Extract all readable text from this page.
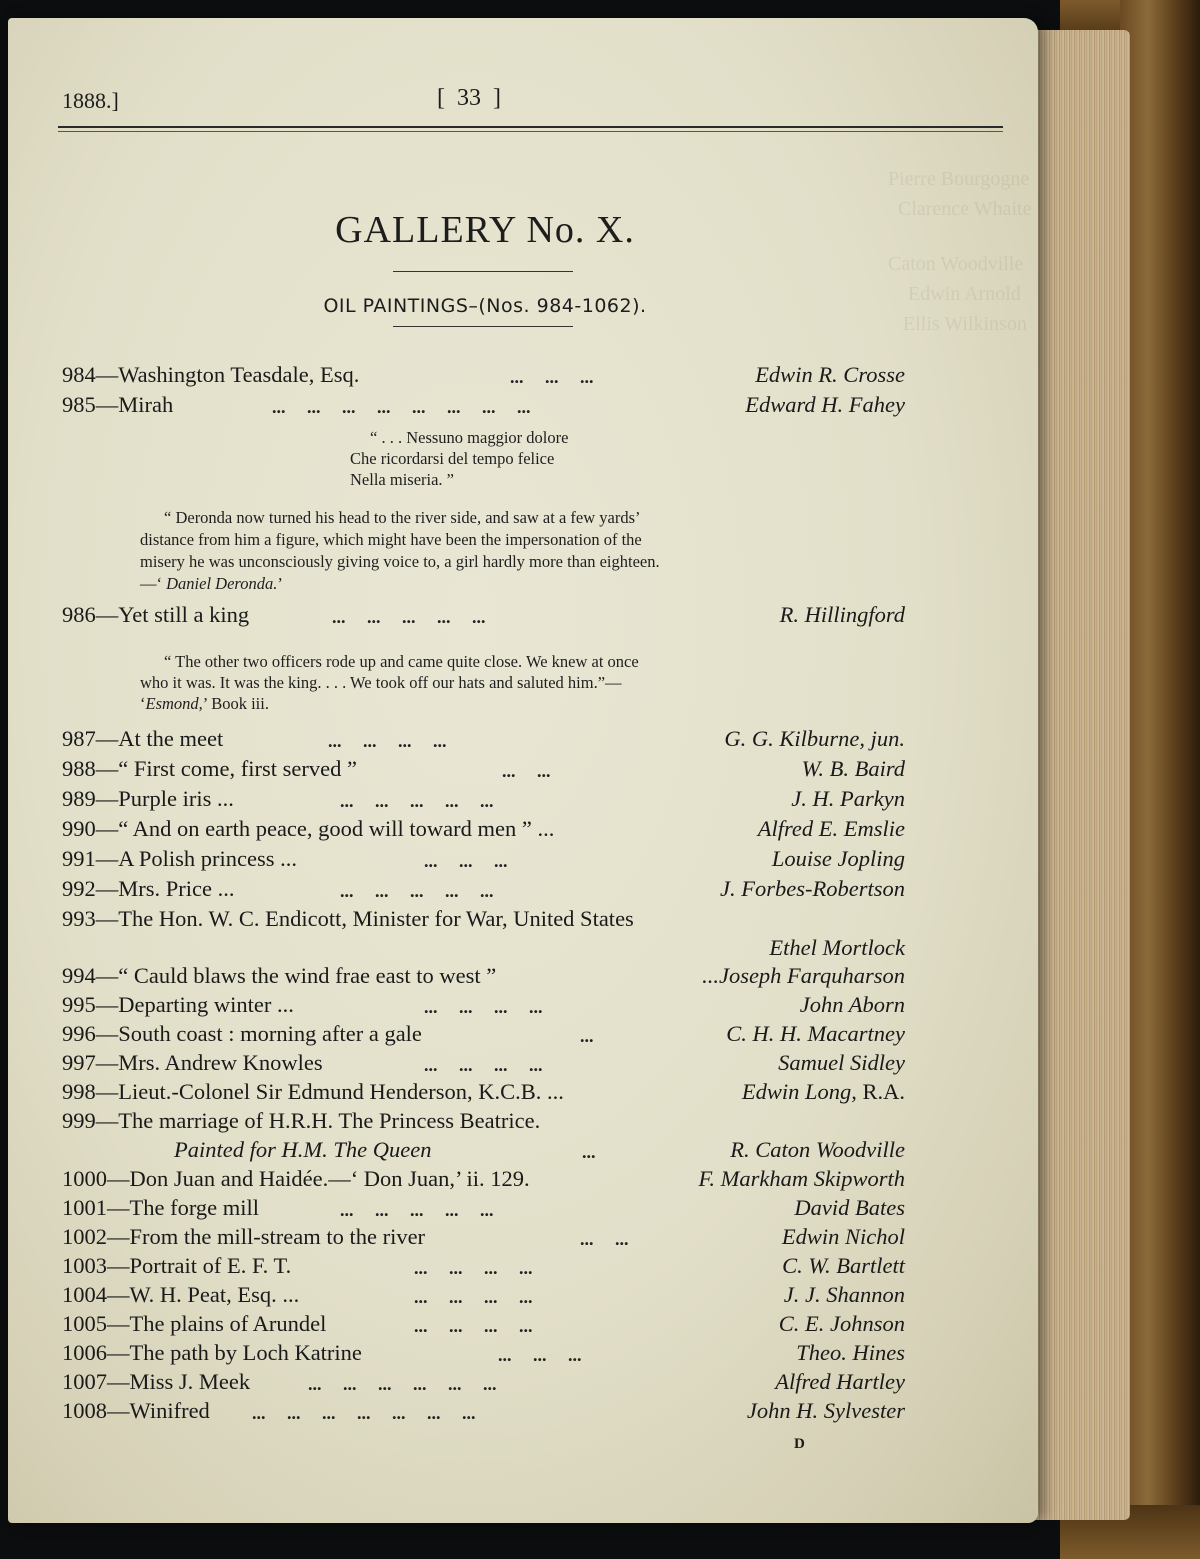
Pierre Bourgogne
Clarence Whaite
Caton Woodville
Edwin Arnold
Ellis Wilkinson
1888.]	[ 33 ]
GALLERY No. X.
OIL PAINTINGS–(Nos. 984-1062).
984—Washington Teasdale, Esq.	... ... ...	Edwin R. Crosse
985—Mirah	... ... ... ... ... ... ... ...	Edward H. Fahey
“ . . . Nessuno maggior dolore
Che ricordarsi del tempo felice
Nella miseria. ”
“ Deronda now turned his head to the river side, and saw at a few yards’
distance from him a figure, which might have been the impersonation of the
misery he was unconsciously giving voice to, a girl hardly more than eighteen.
—‘ Daniel Deronda.’
986—Yet still a king	... ... ... ... ...	R. Hillingford
“ The other two officers rode up and came quite close. We knew at once
who it was. It was the king. . . . We took off our hats and saluted him.”—
‘Esmond,’ Book iii.
987—At the meet	... ... ... ...	G. G. Kilburne, jun.
988—“ First come, first served ”	... ...	W. B. Baird
989—Purple iris ...	... ... ... ... ...	J. H. Parkyn
990—“ And on earth peace, good will toward men ” ...	Alfred E. Emslie
991—A Polish princess ...	... ... ...	Louise Jopling
992—Mrs. Price ...	... ... ... ... ...	J. Forbes-Robertson
993—The Hon. W. C. Endicott, Minister for War, United States
Ethel Mortlock
994—“ Cauld blaws the wind frae east to west ”	...Joseph Farquharson
995—Departing winter ...	... ... ... ...	John Aborn
996—South coast : morning after a gale	...	C. H. H. Macartney
997—Mrs. Andrew Knowles	... ... ... ...	Samuel Sidley
998—Lieut.-Colonel Sir Edmund Henderson, K.C.B. ...	Edwin Long, R.A.
999—The marriage of H.R.H. The Princess Beatrice.
Painted for H.M. The Queen	...	R. Caton Woodville
1000—Don Juan and Haidée.—‘ Don Juan,’ ii. 129.	F. Markham Skipworth
1001—The forge mill	... ... ... ... ...	David Bates
1002—From the mill-stream to the river	... ...	Edwin Nichol
1003—Portrait of E. F. T.	... ... ... ...	C. W. Bartlett
1004—W. H. Peat, Esq. ...	... ... ... ...	J. J. Shannon
1005—The plains of Arundel	... ... ... ...	C. E. Johnson
1006—The path by Loch Katrine	... ... ...	Theo. Hines
1007—Miss J. Meek	... ... ... ... ... ...	Alfred Hartley
1008—Winifred ... ... ... ... ... ... ...	John H. Sylvester
D
